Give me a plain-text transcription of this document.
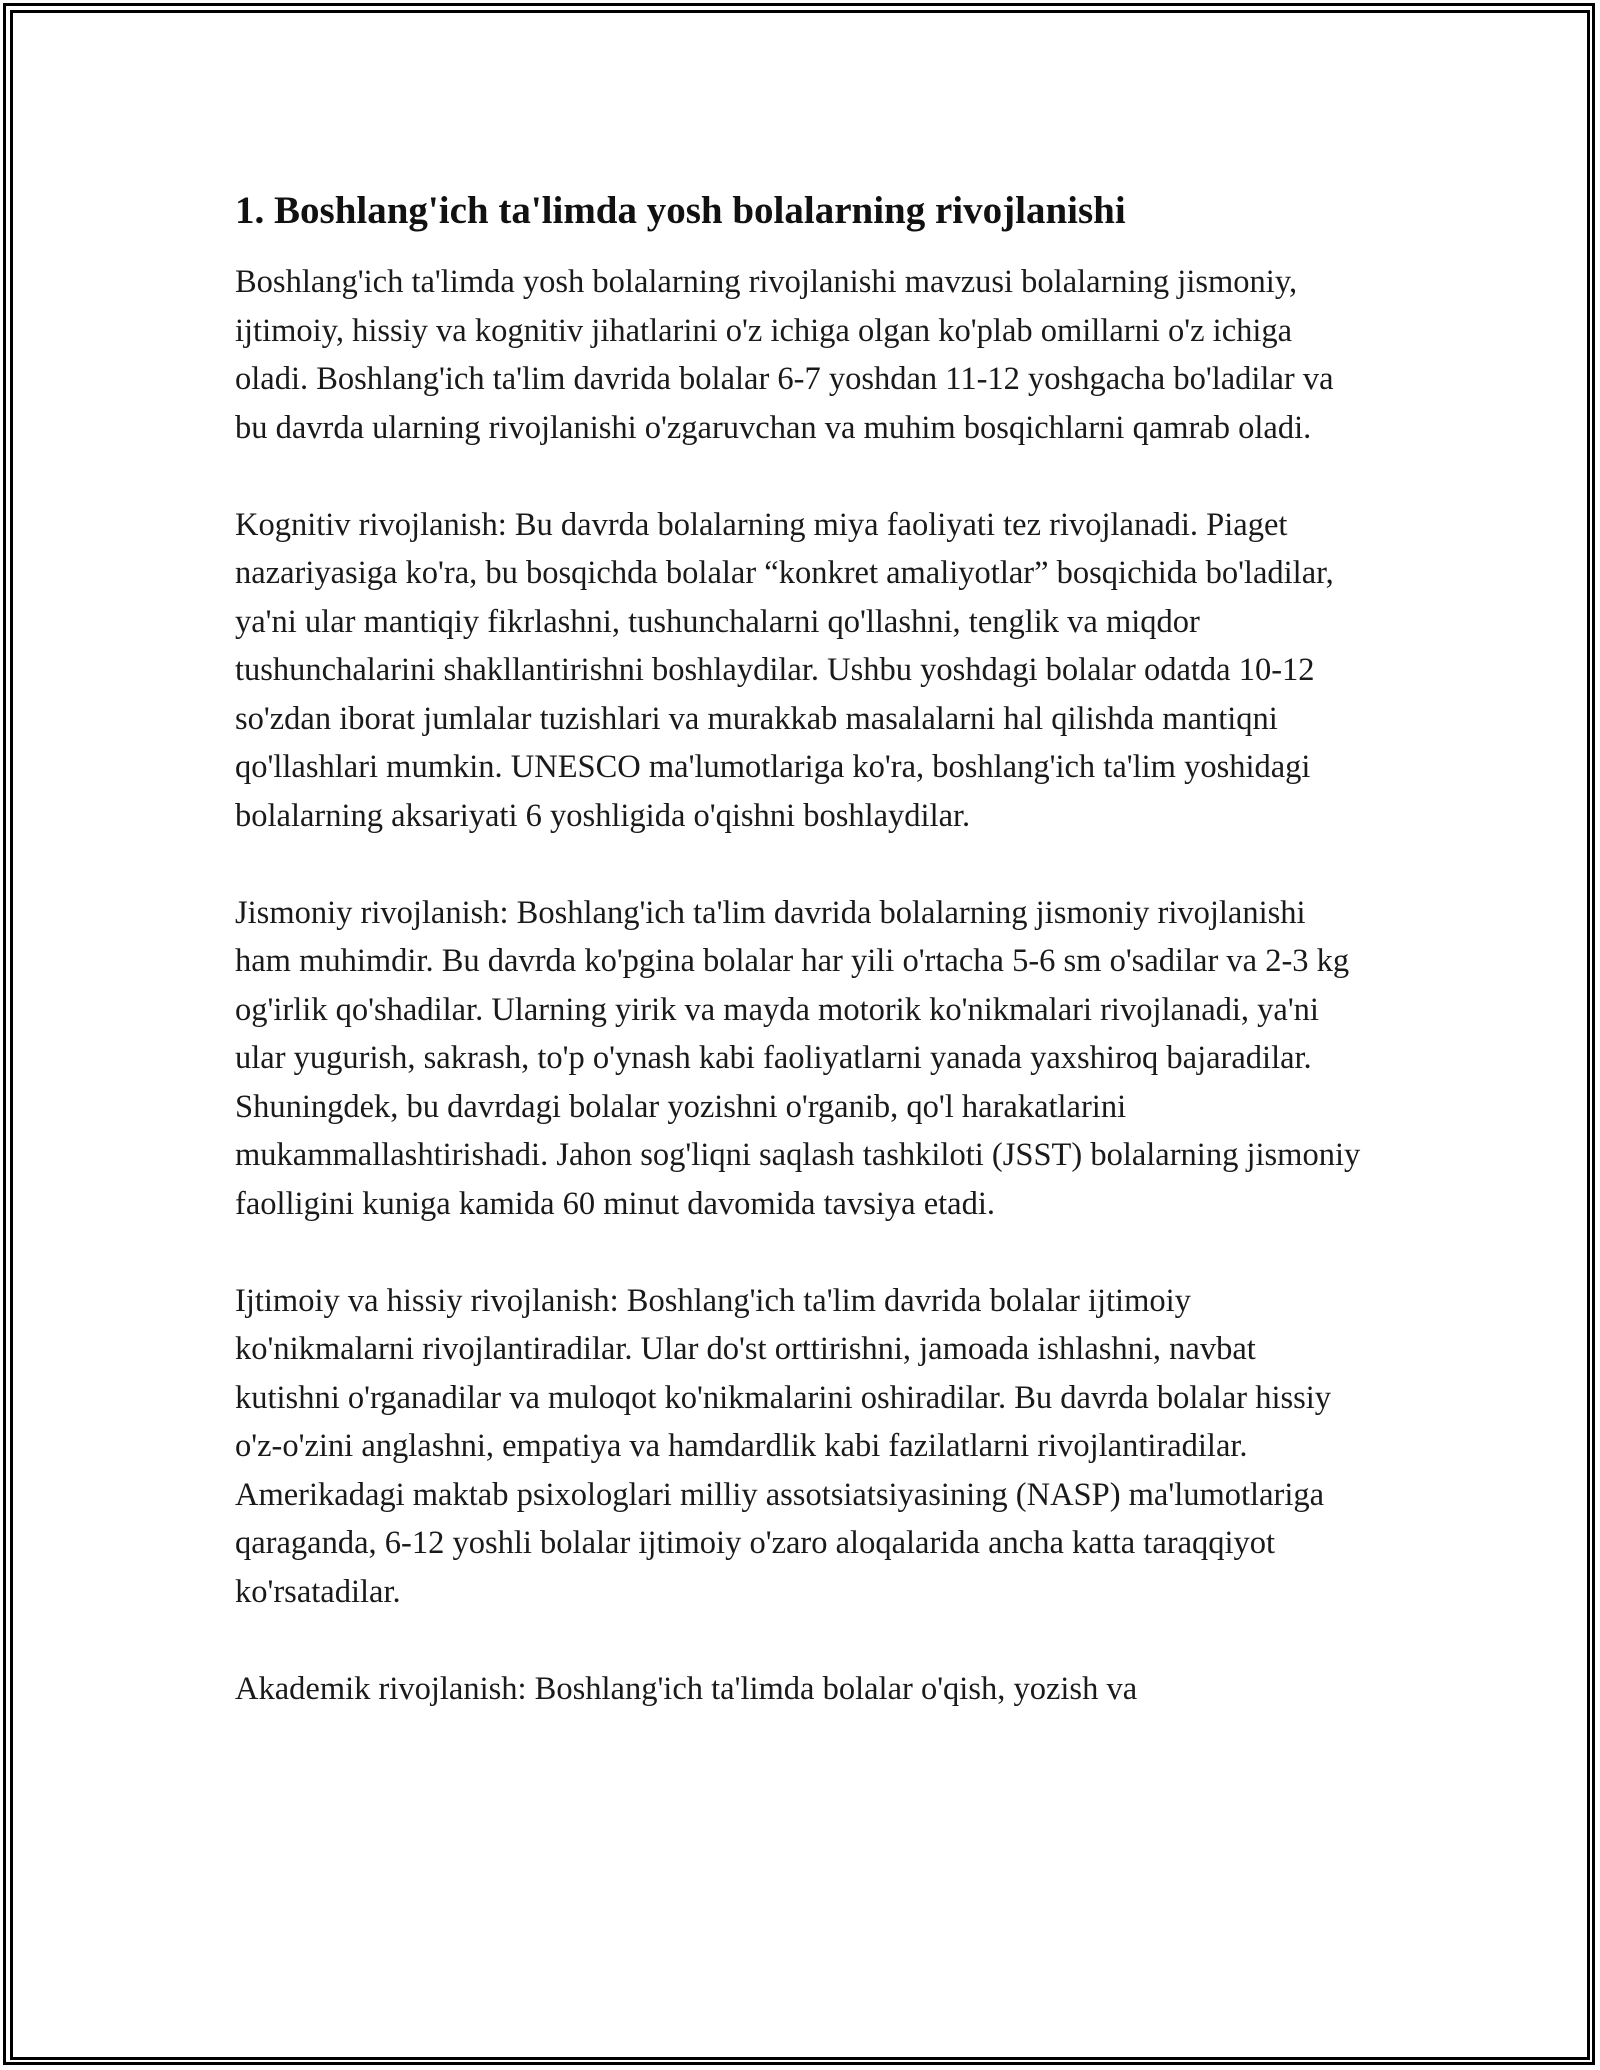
1. Boshlang'ich ta'limda yosh bolalarning rivojlanishi

Boshlang'ich ta'limda yosh bolalarning rivojlanishi mavzusi bolalarning jismoniy, ijtimoiy, hissiy va kognitiv jihatlarini o'z ichiga olgan ko'plab omillarni o'z ichiga oladi. Boshlang'ich ta'lim davrida bolalar 6-7 yoshdan 11-12 yoshgacha bo'ladilar va bu davrda ularning rivojlanishi o'zgaruvchan va muhim bosqichlarni qamrab oladi.

Kognitiv rivojlanish: Bu davrda bolalarning miya faoliyati tez rivojlanadi. Piaget nazariyasiga ko'ra, bu bosqichda bolalar “konkret amaliyotlar” bosqichida bo'ladilar, ya'ni ular mantiqiy fikrlashni, tushunchalarni qo'llashni, tenglik va miqdor tushunchalarini shakllantirishni boshlaydilar. Ushbu yoshdagi bolalar odatda 10-12 so'zdan iborat jumlalar tuzishlari va murakkab masalalarni hal qilishda mantiqni qo'llashlari mumkin. UNESCO ma'lumotlariga ko'ra, boshlang'ich ta'lim yoshidagi bolalarning aksariyati 6 yoshligida o'qishni boshlaydilar.

Jismoniy rivojlanish: Boshlang'ich ta'lim davrida bolalarning jismoniy rivojlanishi ham muhimdir. Bu davrda ko'pgina bolalar har yili o'rtacha 5-6 sm o'sadilar va 2-3 kg og'irlik qo'shadilar. Ularning yirik va mayda motorik ko'nikmalari rivojlanadi, ya'ni ular yugurish, sakrash, to'p o'ynash kabi faoliyatlarni yanada yaxshiroq bajaradilar. Shuningdek, bu davrdagi bolalar yozishni o'rganib, qo'l harakatlarini mukammallashtirishadi. Jahon sog'liqni saqlash tashkiloti (JSST) bolalarning jismoniy faolligini kuniga kamida 60 minut davomida tavsiya etadi.

Ijtimoiy va hissiy rivojlanish: Boshlang'ich ta'lim davrida bolalar ijtimoiy ko'nikmalarni rivojlantiradilar. Ular do'st orttirishni, jamoada ishlashni, navbat kutishni o'rganadilar va muloqot ko'nikmalarini oshiradilar. Bu davrda bolalar hissiy o'z-o'zini anglashni, empatiya va hamdardlik kabi fazilatlarni rivojlantiradilar. Amerikadagi maktab psixologlari milliy assotsiatsiyasining (NASP) ma'lumotlariga qaraganda, 6-12 yoshli bolalar ijtimoiy o'zaro aloqalarida ancha katta taraqqiyot ko'rsatadilar.

Akademik rivojlanish: Boshlang'ich ta'limda bolalar o'qish, yozish va
